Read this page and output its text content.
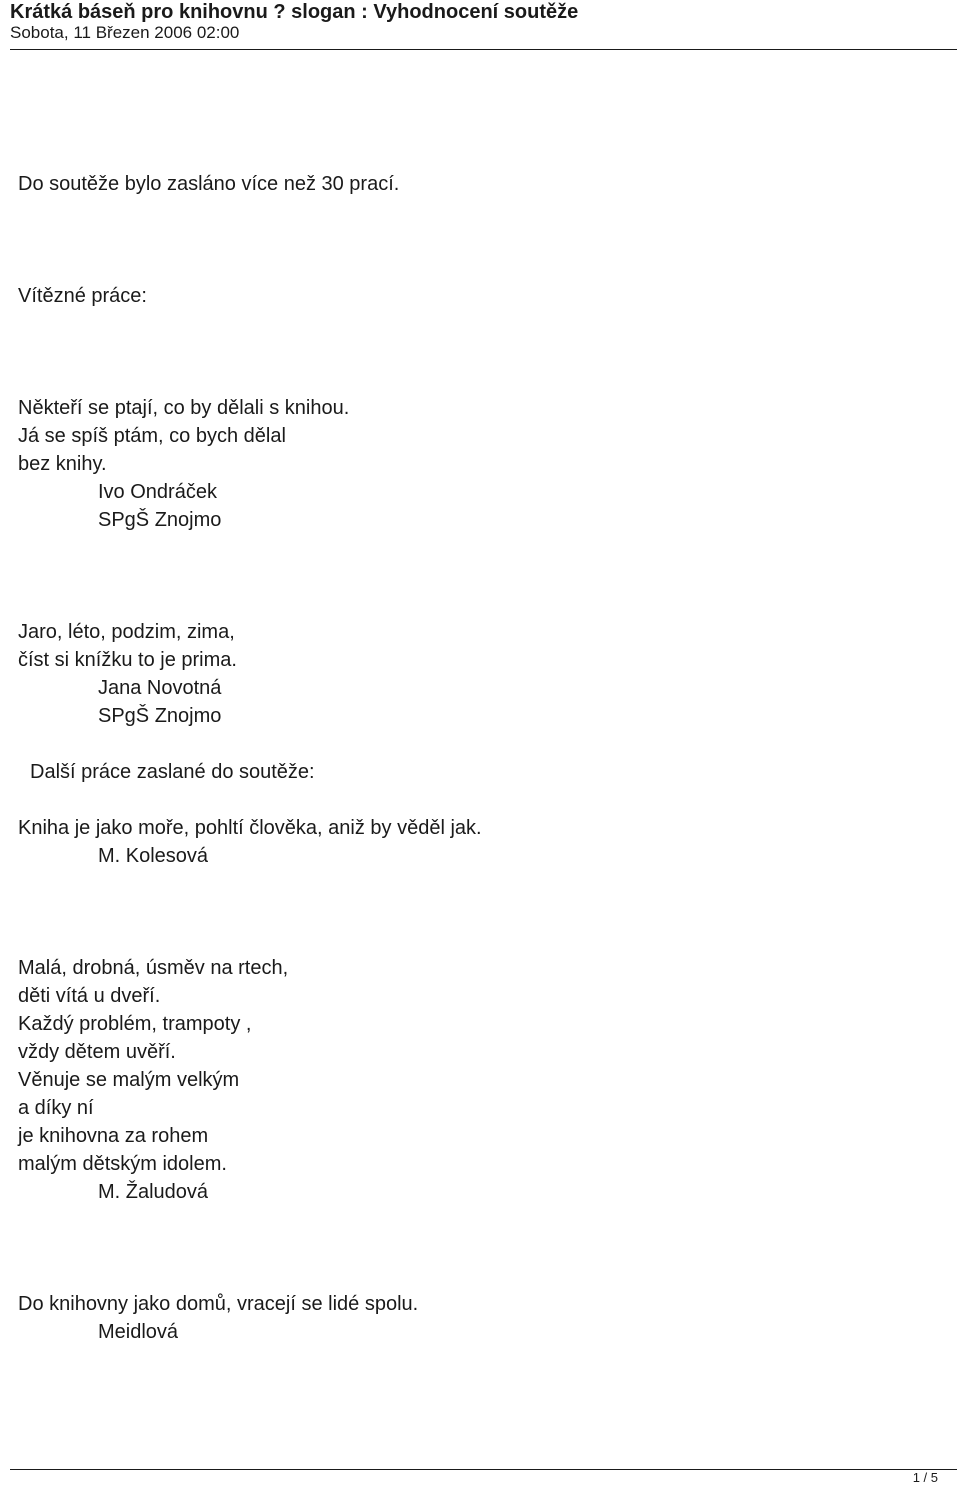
Krátká báseň pro knihovnu ? slogan : Vyhodnocení soutěže
Sobota, 11 Březen 2006 02:00
Do soutěže bylo zasláno více než 30 prací.
Vítězné práce:
Někteří se ptají, co by dělali s knihou.
Já se spíš ptám, co bych dělal
bez knihy.
Ivo Ondráček
SPgŠ Znojmo
Jaro, léto, podzim, zima,
číst si knížku to je prima.
Jana Novotná
SPgŠ Znojmo
Další práce zaslané do soutěže:
Kniha je jako moře, pohltí člověka, aniž by věděl jak.
M. Kolesová
Malá, drobná, úsměv na rtech,
děti vítá u dveří.
Každý problém, trampoty ,
vždy dětem uvěří.
Věnuje se malým velkým
a díky ní
je knihovna za rohem
malým dětským idolem.
M. Žaludová
Do knihovny jako domů, vracejí se lidé spolu.
Meidlová
1 / 5
